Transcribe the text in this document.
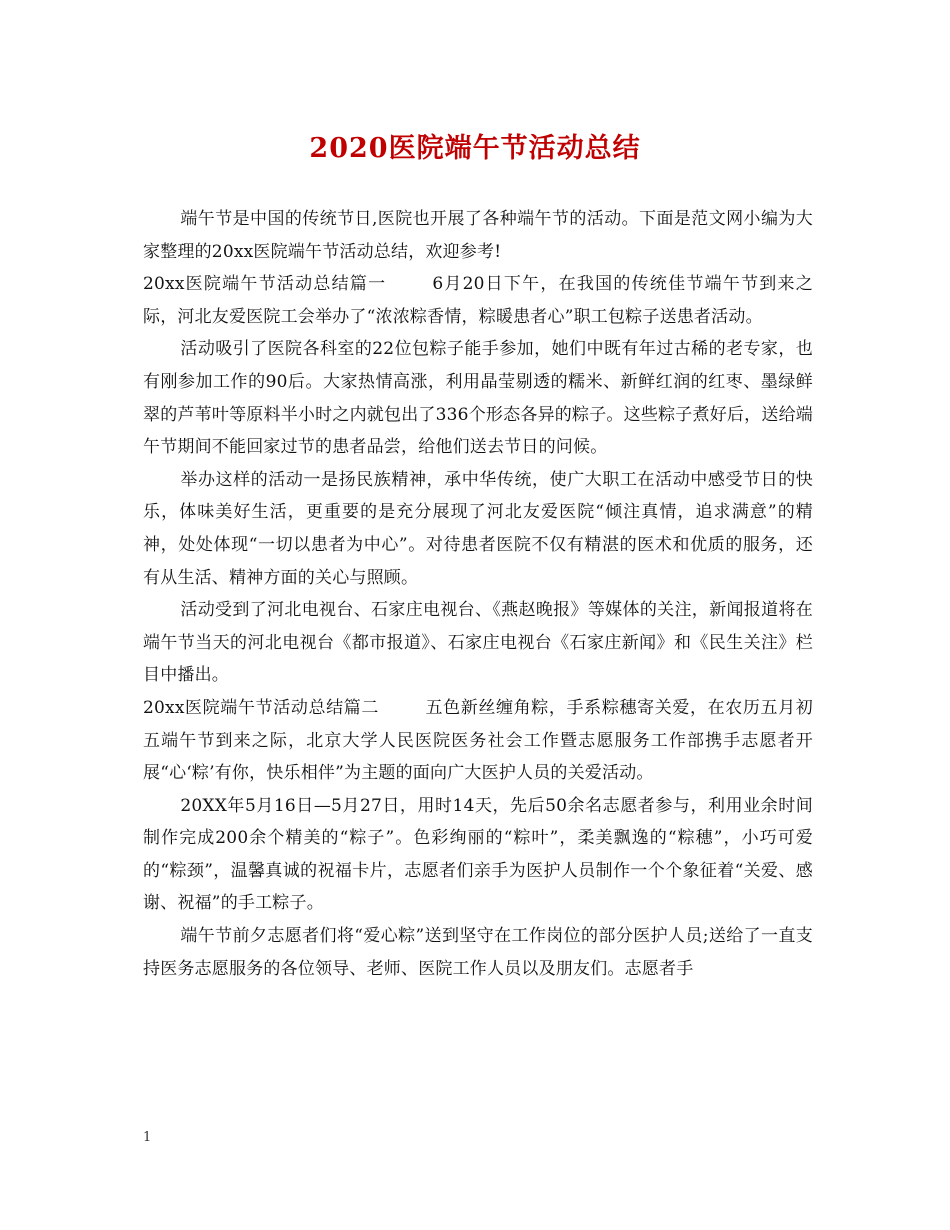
2020医院端午节活动总结

端午节是中国的传统节日,医院也开展了各种端午节的活动。下面是范文网小编为大家整理的20xx医院端午节活动总结，欢迎参考!

20xx医院端午节活动总结篇一	6月20日下午，在我国的传统佳节端午节到来之际，河北友爱医院工会举办了“浓浓粽香情，粽暖患者心”职工包粽子送患者活动。

活动吸引了医院各科室的22位包粽子能手参加，她们中既有年过古稀的老专家，也有刚参加工作的90后。大家热情高涨，利用晶莹剔透的糯米、新鲜红润的红枣、墨绿鲜翠的芦苇叶等原料半小时之内就包出了336个形态各异的粽子。这些粽子煮好后，送给端午节期间不能回家过节的患者品尝，给他们送去节日的问候。

举办这样的活动一是扬民族精神，承中华传统，使广大职工在活动中感受节日的快乐，体味美好生活，更重要的是充分展现了河北友爱医院“倾注真情，追求满意”的精神，处处体现“一切以患者为中心”。对待患者医院不仅有精湛的医术和优质的服务，还有从生活、精神方面的关心与照顾。

活动受到了河北电视台、石家庄电视台、《燕赵晚报》等媒体的关注，新闻报道将在端午节当天的河北电视台《都市报道》、石家庄电视台《石家庄新闻》和《民生关注》栏目中播出。

20xx医院端午节活动总结篇二	五色新丝缠角粽，手系粽穗寄关爱，在农历五月初五端午节到来之际，北京大学人民医院医务社会工作暨志愿服务工作部携手志愿者开展“心‘粽’有你，快乐相伴”为主题的面向广大医护人员的关爱活动。

20XX年5月16日—5月27日，用时14天，先后50余名志愿者参与，利用业余时间制作完成200余个精美的“粽子”。色彩绚丽的“粽叶”，柔美飘逸的“粽穗”，小巧可爱的“粽颈”，温馨真诚的祝福卡片，志愿者们亲手为医护人员制作一个个象征着“关爱、感谢、祝福”的手工粽子。

端午节前夕志愿者们将“爱心粽”送到坚守在工作岗位的部分医护人员;送给了一直支持医务志愿服务的各位领导、老师、医院工作人员以及朋友们。志愿者手

1
